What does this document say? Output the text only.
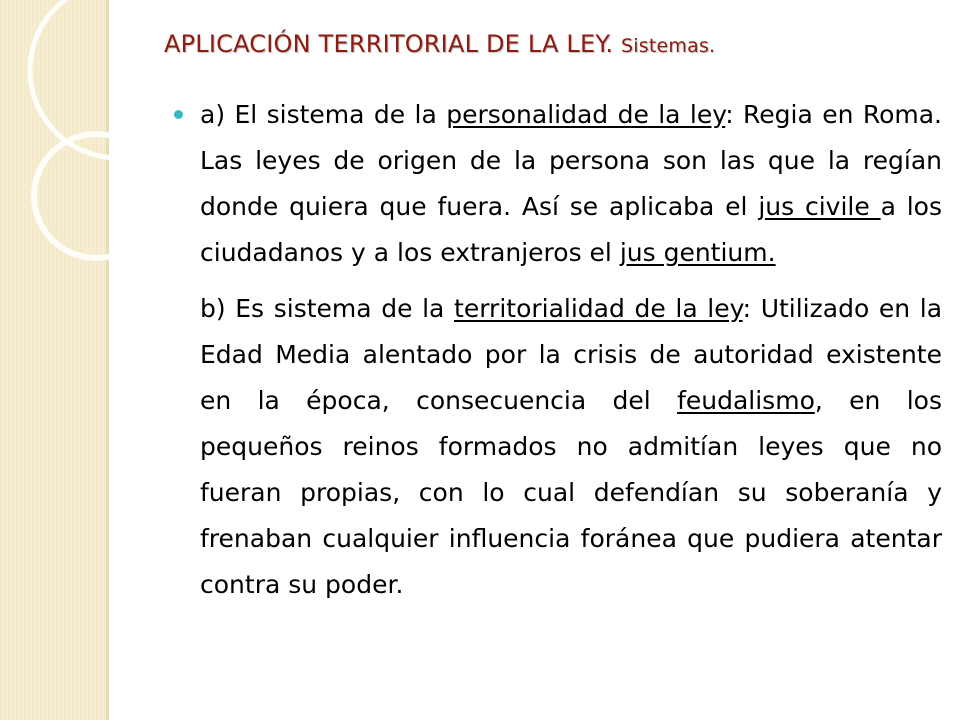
APLICACIÓN TERRITORIAL DE LA LEY. Sistemas.

a) El sistema de la personalidad de la ley: Regia en Roma. Las leyes de origen de la persona son las que la regían donde quiera que fuera. Así se aplicaba el jus civile a los ciudadanos y a los extranjeros el jus gentium.

b) Es sistema de la territorialidad de la ley: Utilizado en la Edad Media alentado por la crisis de autoridad existente en la época, consecuencia del feudalismo, en los pequeños reinos formados no admitían leyes que no fueran propias, con lo cual defendían su soberanía y frenaban cualquier influencia foránea que pudiera atentar contra su poder.
